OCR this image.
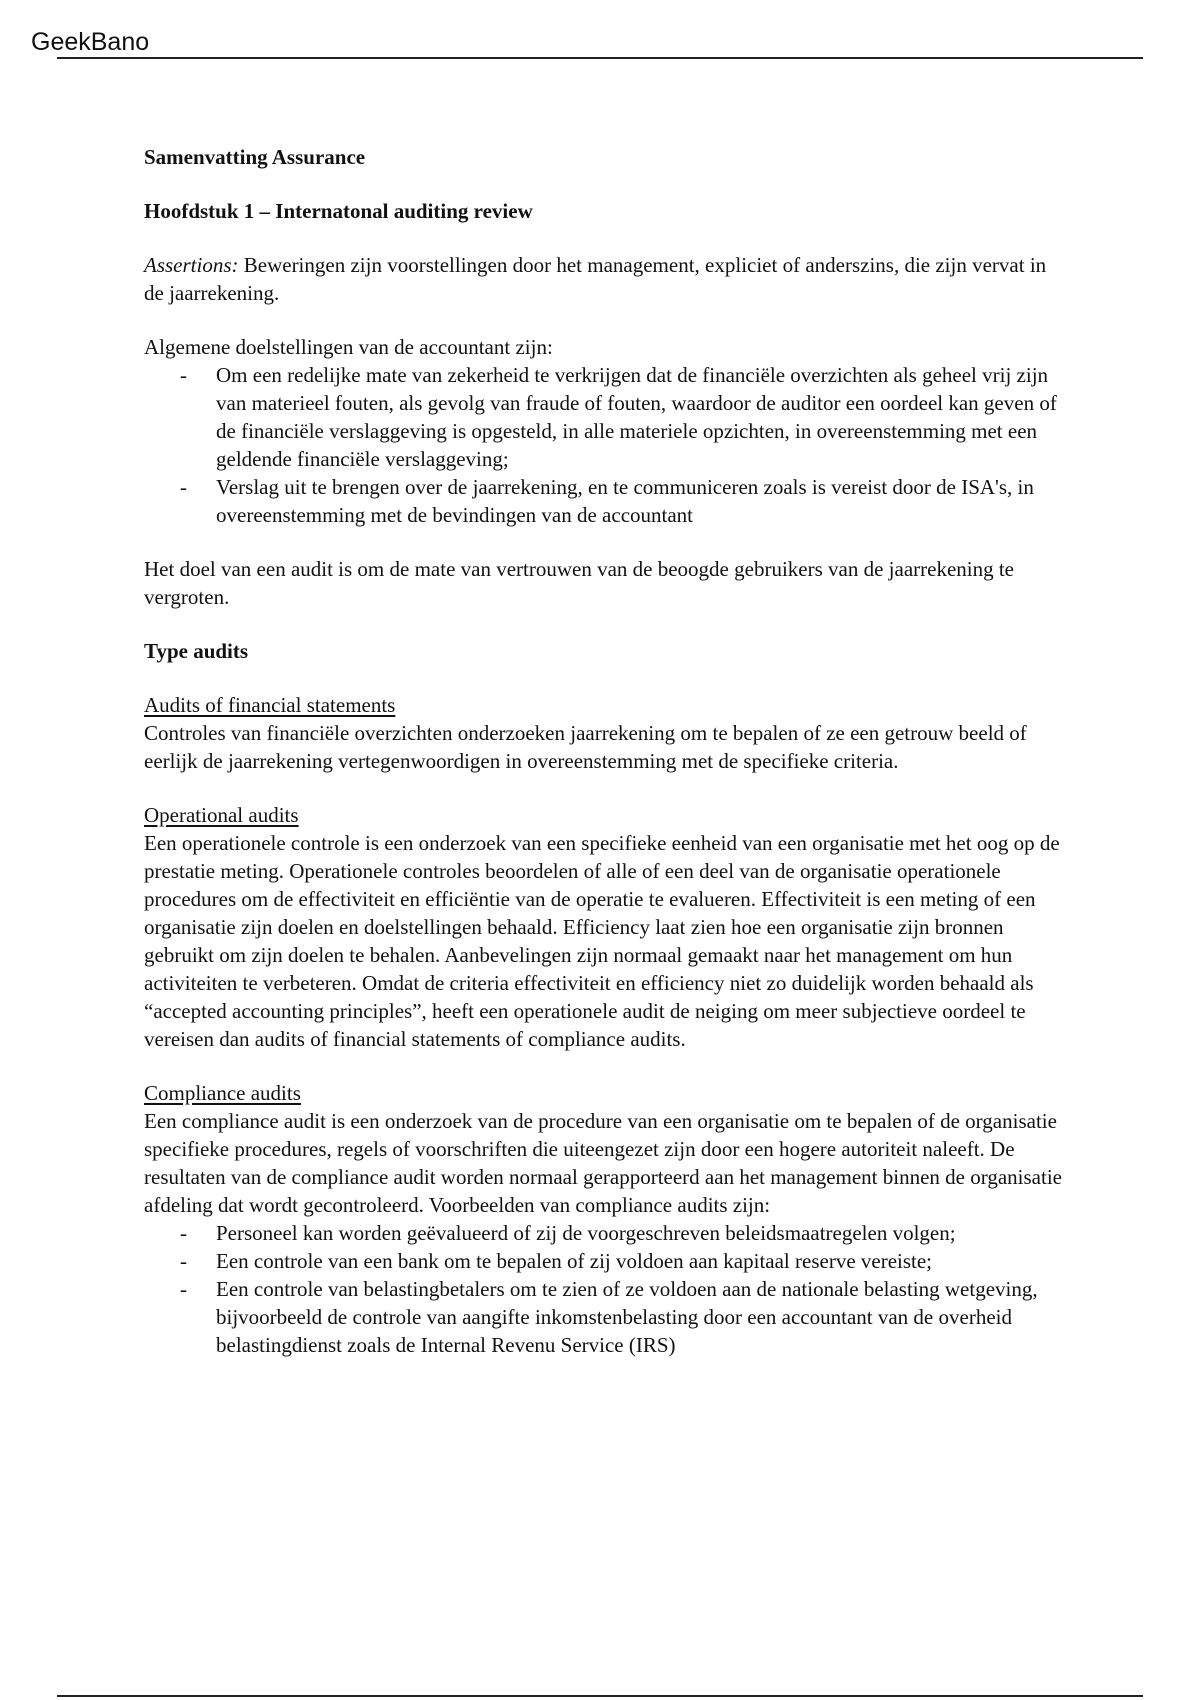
GeekBano

Samenvatting Assurance

Hoofdstuk 1 – Internatonal auditing review

Assertions: Beweringen zijn voorstellingen door het management, expliciet of anderszins, die zijn vervat in de jaarrekening.

Algemene doelstellingen van de accountant zijn:

- Om een redelijke mate van zekerheid te verkrijgen dat de financiële overzichten als geheel vrij zijn van materieel fouten, als gevolg van fraude of fouten, waardoor de auditor een oordeel kan geven of de financiële verslaggeving is opgesteld, in alle materiele opzichten, in overeenstemming met een geldende financiële verslaggeving;
- Verslag uit te brengen over de jaarrekening, en te communiceren zoals is vereist door de ISA's, in overeenstemming met de bevindingen van de accountant

Het doel van een audit is om de mate van vertrouwen van de beoogde gebruikers van de jaarrekening te vergroten.

Type audits

Audits of financial statements

Controles van financiële overzichten onderzoeken jaarrekening om te bepalen of ze een getrouw beeld of eerlijk de jaarrekening vertegenwoordigen in overeenstemming met de specifieke criteria.

Operational audits

Een operationele controle is een onderzoek van een specifieke eenheid van een organisatie met het oog op de prestatie meting. Operationele controles beoordelen of alle of een deel van de organisatie operationele procedures om de effectiviteit en efficiëntie van de operatie te evalueren. Effectiviteit is een meting of een organisatie zijn doelen en doelstellingen behaald. Efficiency laat zien hoe een organisatie zijn bronnen gebruikt om zijn doelen te behalen. Aanbevelingen zijn normaal gemaakt naar het management om hun activiteiten te verbeteren. Omdat de criteria effectiviteit en efficiency niet zo duidelijk worden behaald als “accepted accounting principles”, heeft een operationele audit de neiging om meer subjectieve oordeel te vereisen dan audits of financial statements of compliance audits.

Compliance audits

Een compliance audit is een onderzoek van de procedure van een organisatie om te bepalen of de organisatie specifieke procedures, regels of voorschriften die uiteengezet zijn door een hogere autoriteit naleeft. De resultaten van de compliance audit worden normaal gerapporteerd aan het management binnen de organisatie afdeling dat wordt gecontroleerd. Voorbeelden van compliance audits zijn:

- Personeel kan worden geëvalueerd of zij de voorgeschreven beleidsmaatregelen volgen;
- Een controle van een bank om te bepalen of zij voldoen aan kapitaal reserve vereiste;
- Een controle van belastingbetalers om te zien of ze voldoen aan de nationale belasting wetgeving, bijvoorbeeld de controle van aangifte inkomstenbelasting door een accountant van de overheid belastingdienst zoals de Internal Revenu Service (IRS)
